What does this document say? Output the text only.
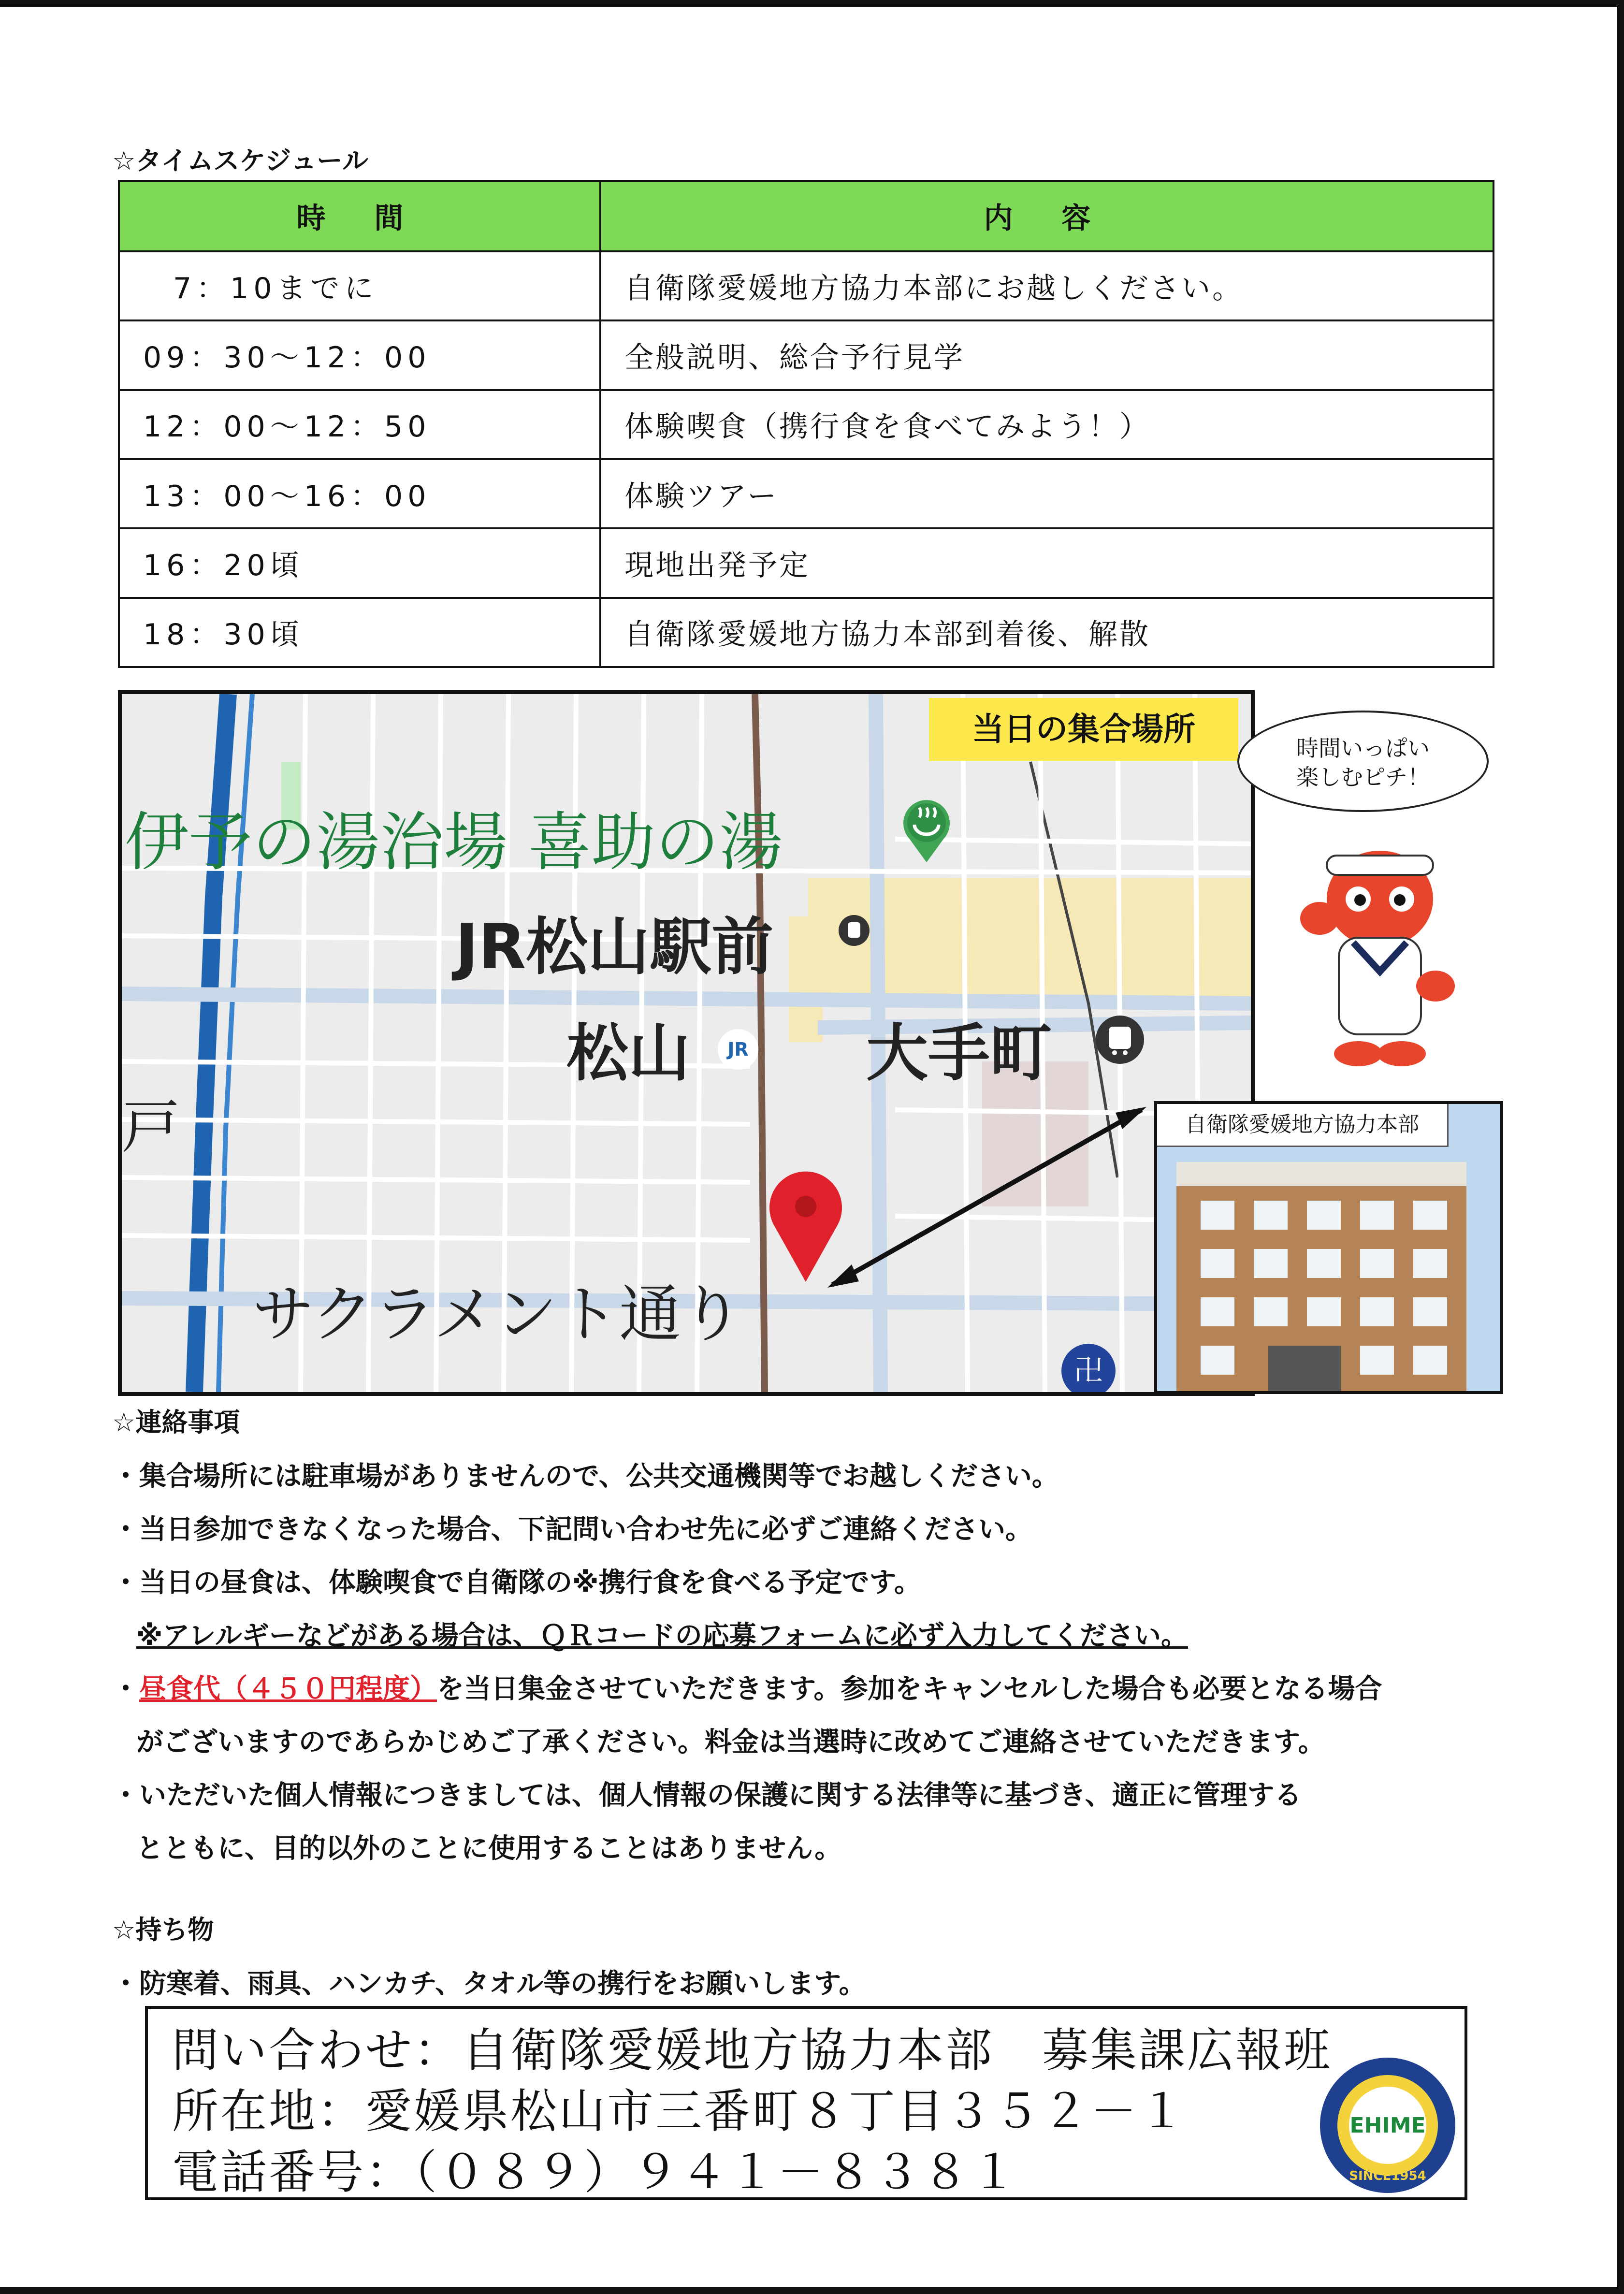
☆タイムスケジュール
時 間	内 容
7：10までに	自衛隊愛媛地方協力本部にお越しください。
09：30～12：00	全般説明、総合予行見学
12：00～12：50	体験喫食（携行食を食べてみよう！）
13：00～16：00	体験ツアー
16：20頃	現地出発予定
18：30頃	自衛隊愛媛地方協力本部到着後、解散
当日の集合場所
伊予の湯治場 喜助の湯
JR松山駅前
松山	大手町
戸
サクラメント通り
JR
卍
自衛隊愛媛地方協力本部
時間いっぱい
楽しむピチ！
☆連絡事項
・集合場所には駐車場がありませんので、公共交通機関等でお越しください。
・当日参加できなくなった場合、下記問い合わせ先に必ずご連絡ください。
・当日の昼食は、体験喫食で自衛隊の※携行食を食べる予定です。
※アレルギーなどがある場合は、ＱＲコードの応募フォームに必ず入力してください。
・昼食代（４５０円程度）を当日集金させていただきます。参加をキャンセルした場合も必要となる場合
がございますのであらかじめご了承ください。料金は当選時に改めてご連絡させていただきます。
・いただいた個人情報につきましては、個人情報の保護に関する法律等に基づき、適正に管理する
とともに、目的以外のことに使用することはありません。
☆持ち物
・防寒着、雨具、ハンカチ、タオル等の携行をお願いします。
問い合わせ：自衛隊愛媛地方協力本部　募集課広報班
所在地：愛媛県松山市三番町８丁目３５２－１
電話番号：（０８９）９４１－８３８１
EHIME
SINCE1954
